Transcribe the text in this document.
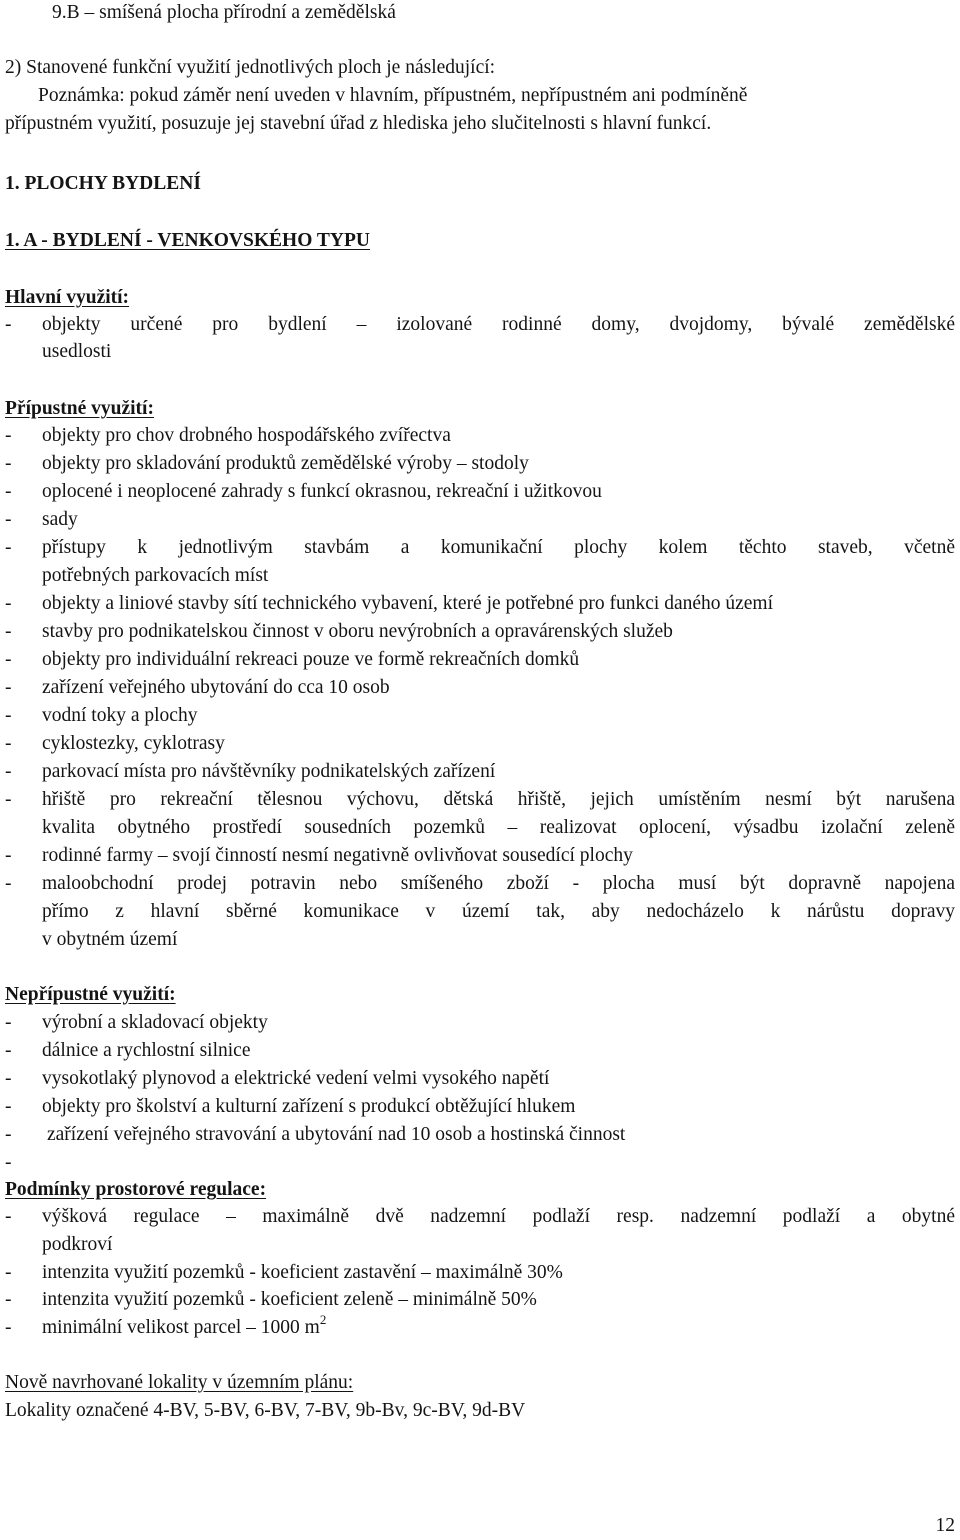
9.B – smíšená plocha přírodní a zemědělská
2) Stanovené funkční využití jednotlivých ploch je následující:
Poznámka: pokud záměr není uveden v hlavním, přípustném, nepřípustném ani podmíněně
přípustném využití, posuzuje jej stavební úřad z hlediska jeho slučitelnosti s hlavní funkcí.
1. PLOCHY BYDLENÍ
1. A - BYDLENÍ - VENKOVSKÉHO TYPU
Hlavní využití:
- objekty určené pro bydlení – izolované rodinné domy, dvojdomy, bývalé zemědělské
usedlosti
Přípustné využití:
- objekty pro chov drobného hospodářského zvířectva
- objekty pro skladování produktů zemědělské výroby – stodoly
- oplocené i neoplocené zahrady s funkcí okrasnou, rekreační i užitkovou
- sady
- přístupy k jednotlivým stavbám a komunikační plochy kolem těchto staveb, včetně
potřebných parkovacích míst
- objekty a liniové stavby sítí technického vybavení, které je potřebné pro funkci daného území
- stavby pro podnikatelskou činnost v oboru nevýrobních a opravárenských služeb
- objekty pro individuální rekreaci pouze ve formě rekreačních domků
- zařízení veřejného ubytování do cca 10 osob
- vodní toky a plochy
- cyklostezky, cyklotrasy
- parkovací místa pro návštěvníky podnikatelských zařízení
- hřiště pro rekreační tělesnou výchovu, dětská hřiště, jejich umístěním nesmí být narušena
kvalita obytného prostředí sousedních pozemků – realizovat oplocení, výsadbu izolační zeleně
- rodinné farmy – svojí činností nesmí negativně ovlivňovat sousedící plochy
- maloobchodní prodej potravin nebo smíšeného zboží - plocha musí být dopravně napojena
přímo z hlavní sběrné komunikace v území tak, aby nedocházelo k nárůstu dopravy
v obytném území
Nepřípustné využití:
- výrobní a skladovací objekty
- dálnice a rychlostní silnice
- vysokotlaký plynovod a elektrické vedení velmi vysokého napětí
- objekty pro školství a kulturní zařízení s produkcí obtěžující hlukem
- zařízení veřejného stravování a ubytování nad 10 osob a hostinská činnost
-
Podmínky prostorové regulace:
- výšková regulace – maximálně dvě nadzemní podlaží resp. nadzemní podlaží a obytné
podkroví
- intenzita využití pozemků - koeficient zastavění – maximálně 30%
- intenzita využití pozemků - koeficient zeleně – minimálně 50%
- minimální velikost parcel – 1000 $m^2$
Nově navrhované lokality v územním plánu:
Lokality označené 4-BV, 5-BV, 6-BV, 7-BV, 9b-Bv, 9c-BV, 9d-BV
12
